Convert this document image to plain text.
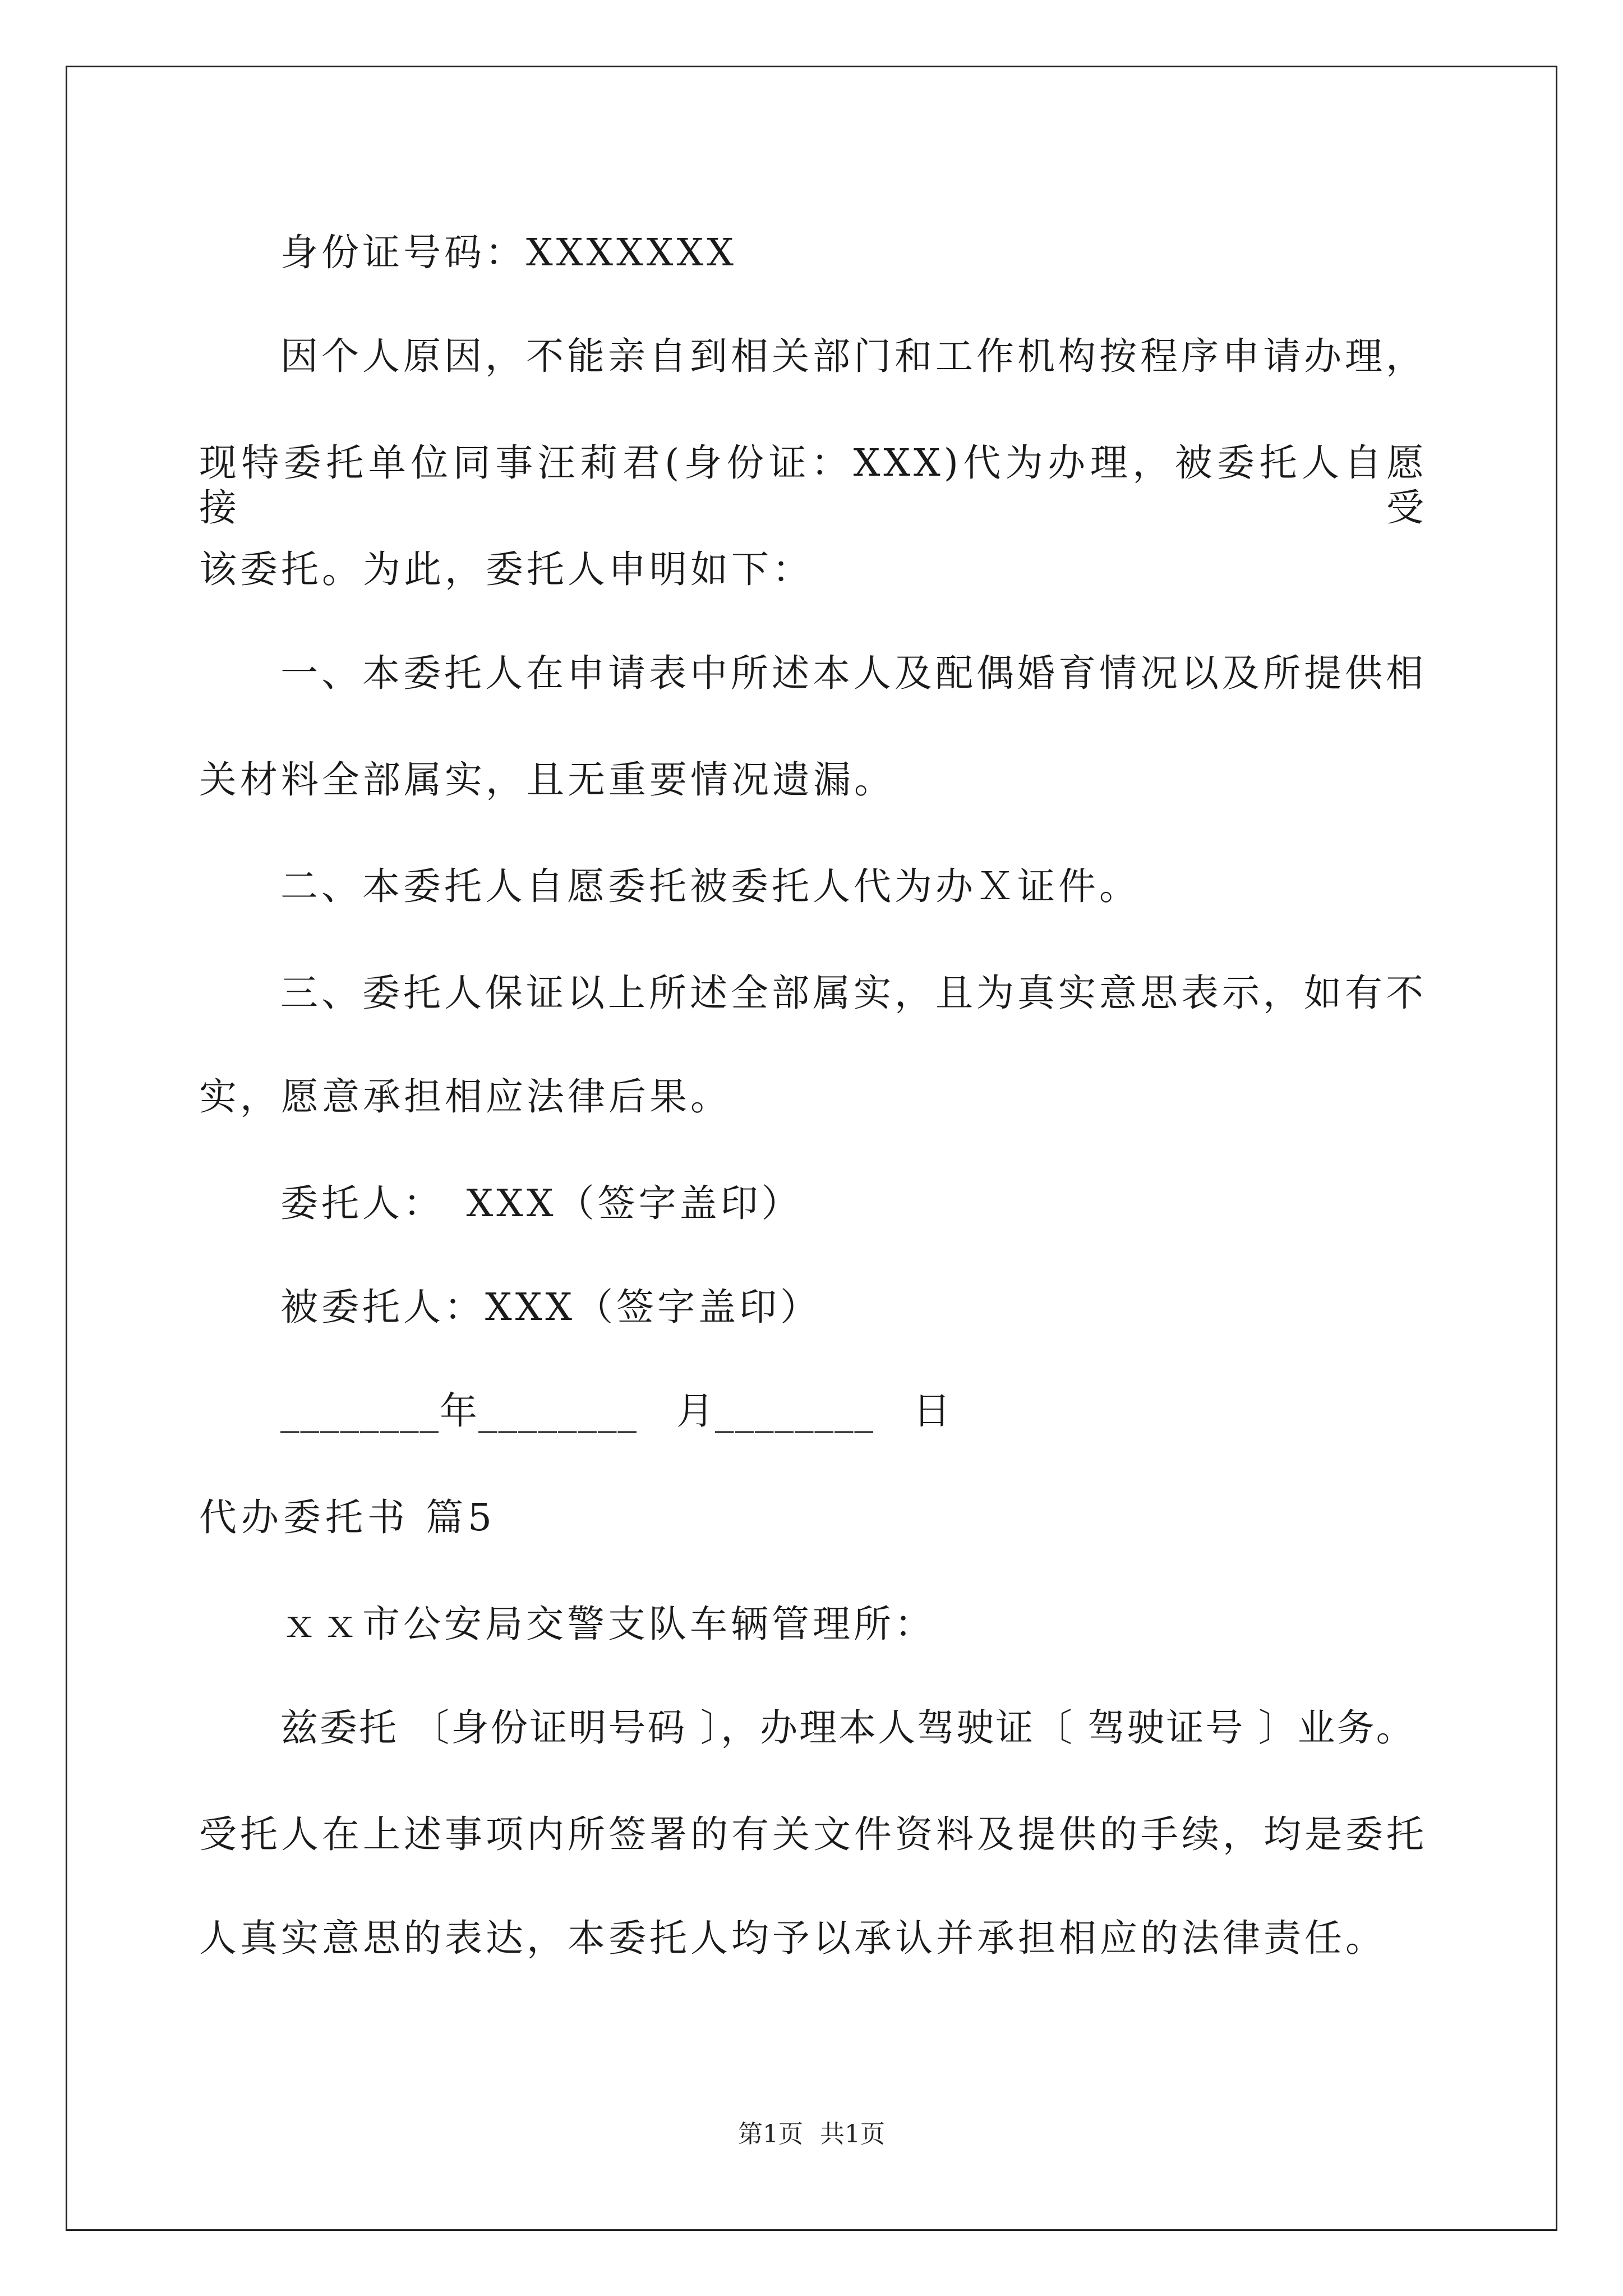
身份证号码：XXXXXXX
因个人原因，不能亲自到相关部门和工作机构按程序申请办理，
现特委托单位同事汪莉君(身份证：XXX)代为办理，被委托人自愿接受
该委托。为此，委托人申明如下：
一、本委托人在申请表中所述本人及配偶婚育情况以及所提供相
关材料全部属实，且无重要情况遗漏。
二、本委托人自愿委托被委托人代为办Ｘ证件。
三、委托人保证以上所述全部属实，且为真实意思表示，如有不
实，愿意承担相应法律后果。
委托人：　XXX（签字盖印）
被委托人：XXX（签字盖印）
________年________　月________　日
代办委托书 篇5
ｘｘ市公安局交警支队车辆管理所：
兹委托 〔身份证明号码 〕，办理本人驾驶证〔 驾驶证号 〕业务。
受托人在上述事项内所签署的有关文件资料及提供的手续，均是委托
人真实意思的表达，本委托人均予以承认并承担相应的法律责任。
第1页 共1页
